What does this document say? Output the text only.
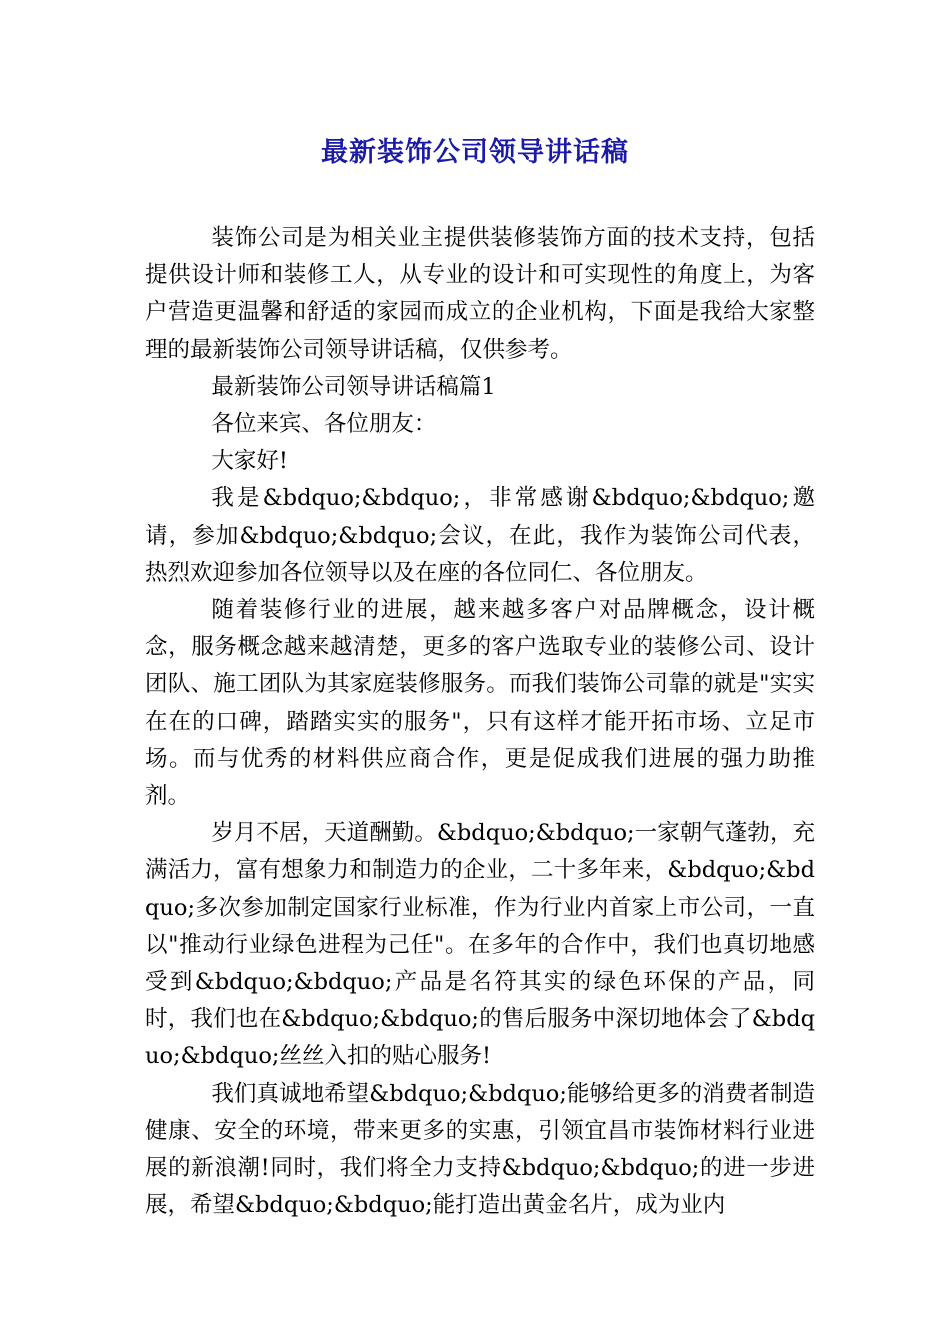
最新装饰公司领导讲话稿

装饰公司是为相关业主提供装修装饰方面的技术支持，包括提供设计师和装修工人，从专业的设计和可实现性的角度上，为客户营造更温馨和舒适的家园而成立的企业机构，下面是我给大家整理的最新装饰公司领导讲话稿，仅供参考。

最新装饰公司领导讲话稿篇1

各位来宾、各位朋友：

大家好!

我是&bdquo;&bdquo;，非常感谢&bdquo;&bdquo;邀请，参加&bdquo;&bdquo;会议，在此，我作为装饰公司代表，热烈欢迎参加各位领导以及在座的各位同仁、各位朋友。

随着装修行业的进展，越来越多客户对品牌概念，设计概念，服务概念越来越清楚，更多的客户选取专业的装修公司、设计团队、施工团队为其家庭装修服务。而我们装饰公司靠的就是"实实在在的口碑，踏踏实实的服务"，只有这样才能开拓市场、立足市场。而与优秀的材料供应商合作，更是促成我们进展的强力助推剂。

岁月不居，天道酬勤。&bdquo;&bdquo;一家朝气蓬勃，充满活力，富有想象力和制造力的企业，二十多年来，&bdquo;&bdquo;多次参加制定国家行业标准，作为行业内首家上市公司，一直以"推动行业绿色进程为己任"。在多年的合作中，我们也真切地感受到&bdquo;&bdquo;产品是名符其实的绿色环保的产品，同时，我们也在&bdquo;&bdquo;的售后服务中深切地体会了&bdquo;&bdquo;丝丝入扣的贴心服务!

我们真诚地希望&bdquo;&bdquo;能够给更多的消费者制造健康、安全的环境，带来更多的实惠，引领宜昌市装饰材料行业进展的新浪潮!同时，我们将全力支持&bdquo;&bdquo;的进一步进展，希望&bdquo;&bdquo;能打造出黄金名片，成为业内
